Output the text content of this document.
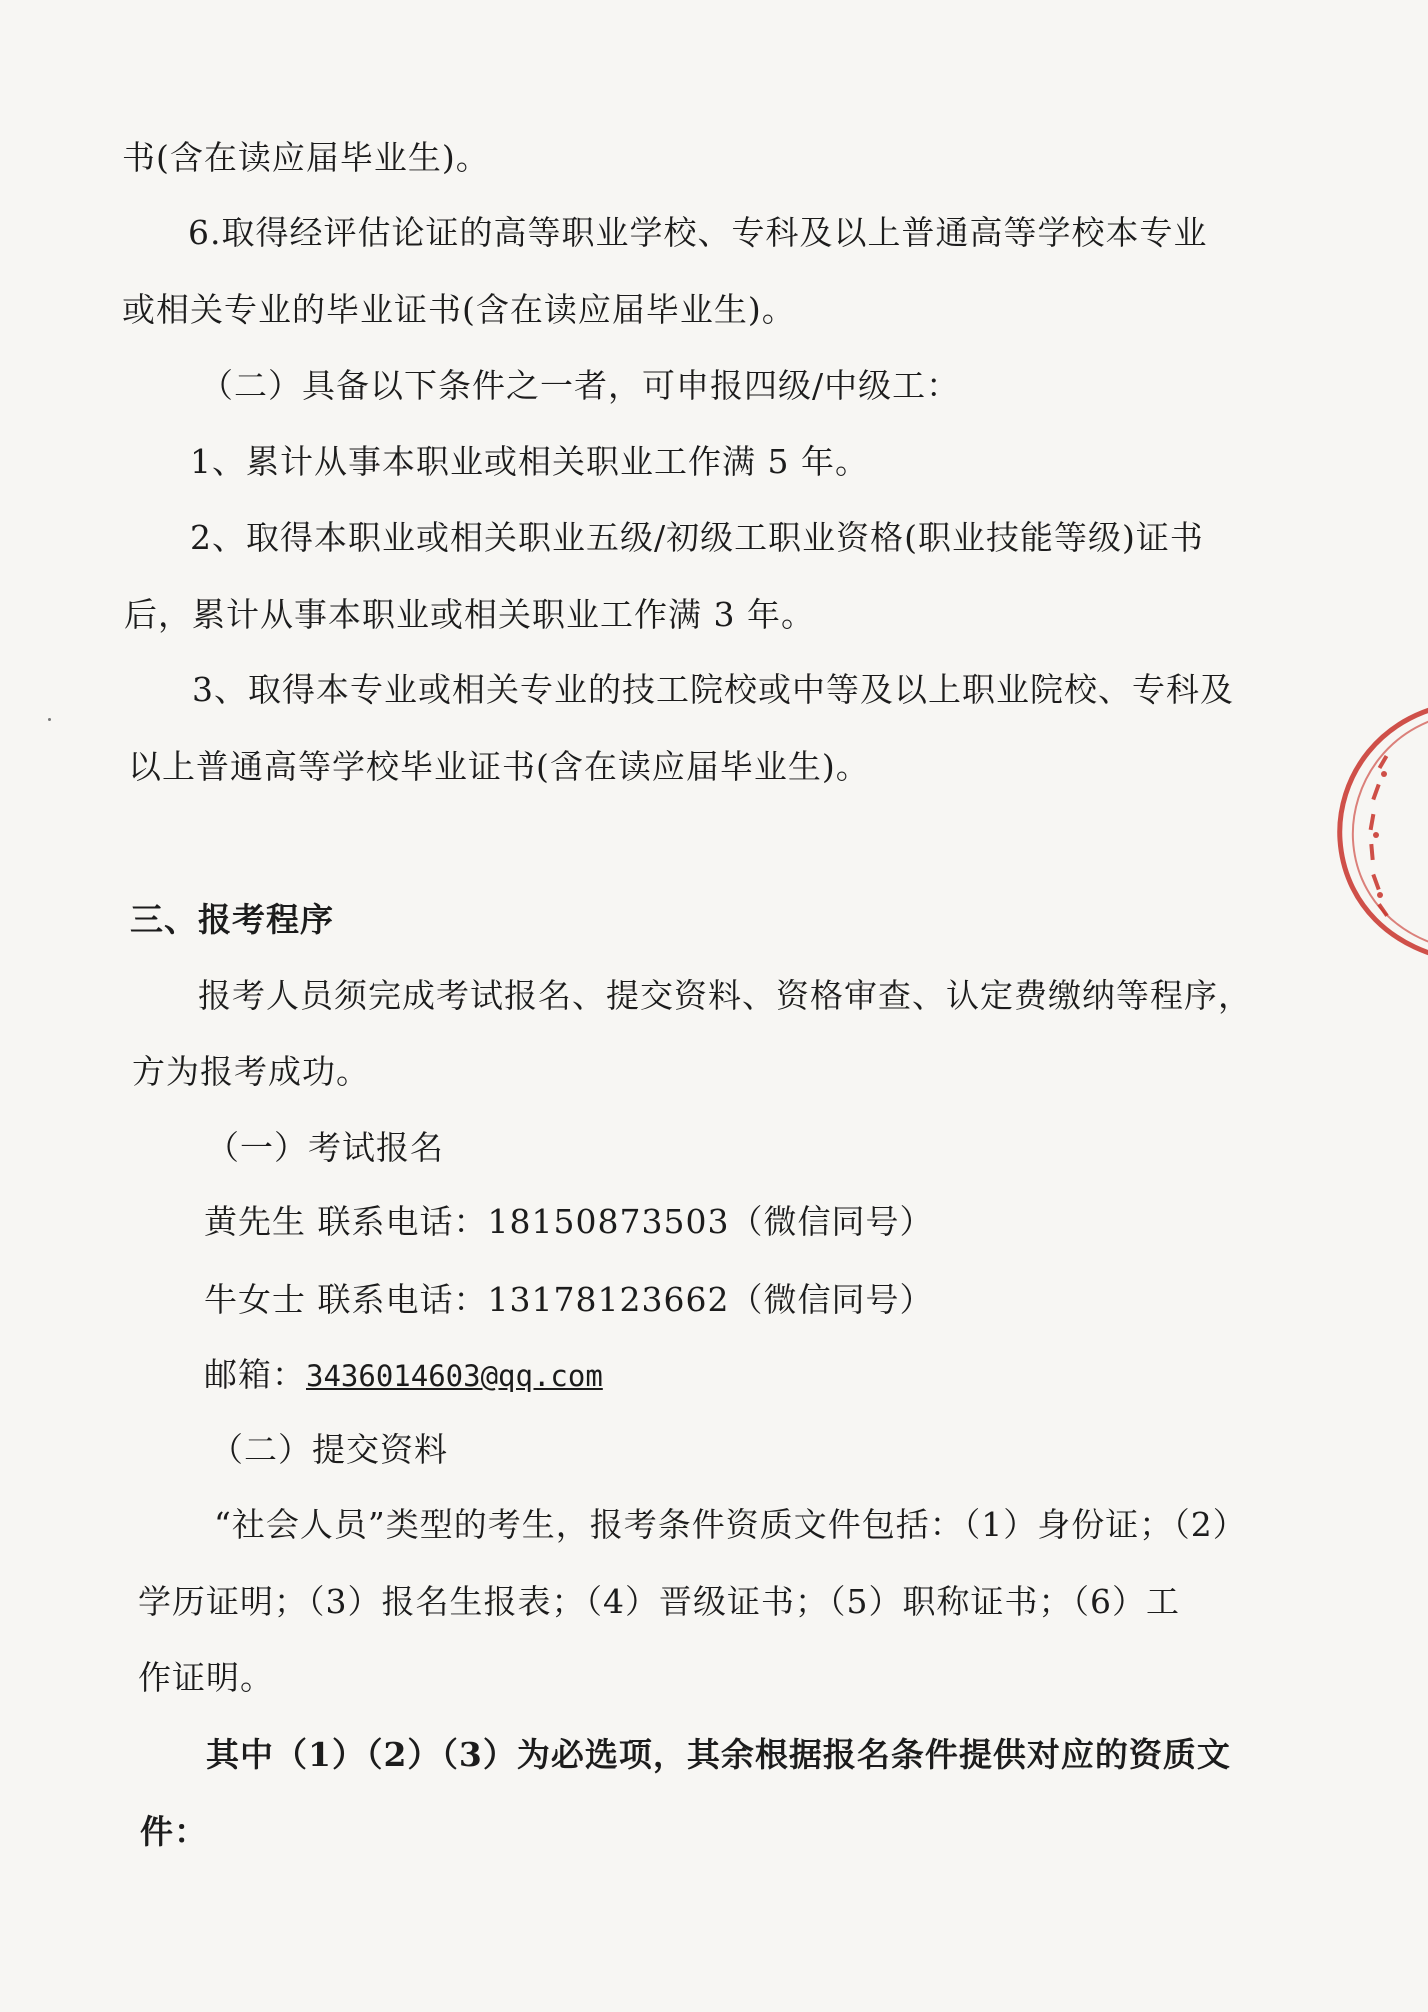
书(含在读应届毕业生)。
6.取得经评估论证的高等职业学校、专科及以上普通高等学校本专业
或相关专业的毕业证书(含在读应届毕业生)。
（二）具备以下条件之一者，可申报四级/中级工：
1、累计从事本职业或相关职业工作满 5 年。
2、取得本职业或相关职业五级/初级工职业资格(职业技能等级)证书
后，累计从事本职业或相关职业工作满 3 年。
3、取得本专业或相关专业的技工院校或中等及以上职业院校、专科及
以上普通高等学校毕业证书(含在读应届毕业生)。
三、报考程序
报考人员须完成考试报名、提交资料、资格审查、认定费缴纳等程序，
方为报考成功。
（一）考试报名
黄先生 联系电话：18150873503（微信同号）
牛女士 联系电话：13178123662（微信同号）
邮箱：3436014603@qq.com
（二）提交资料
“社会人员”类型的考生，报考条件资质文件包括：（1）身份证；（2）
学历证明；（3）报名生报表；（4）晋级证书；（5）职称证书；（6）工
作证明。
其中（1）（2）（3）为必选项，其余根据报名条件提供对应的资质文
件：
